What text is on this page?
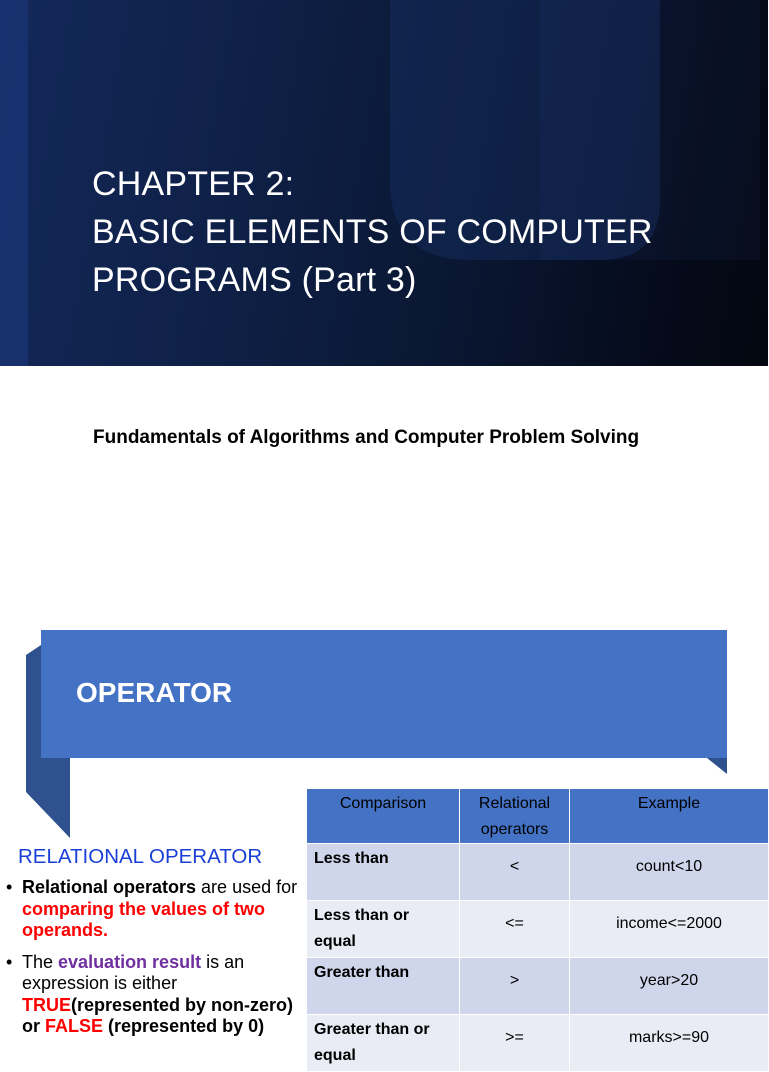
CHAPTER 2:
BASIC ELEMENTS OF COMPUTER
PROGRAMS (Part 3)

Fundamentals of Algorithms and Computer Problem Solving

OPERATOR
RELATIONAL OPERATOR
• Relational operators are used for comparing the values of two operands.
• The evaluation result is an expression is either TRUE(represented by non-zero) or FALSE (represented by 0)
Comparison	Relational operators	Example
Less than	<	count<10
Less than or equal	<=	income<=2000
Greater than	>	year>20
Greater than or equal	>=	marks>=90
